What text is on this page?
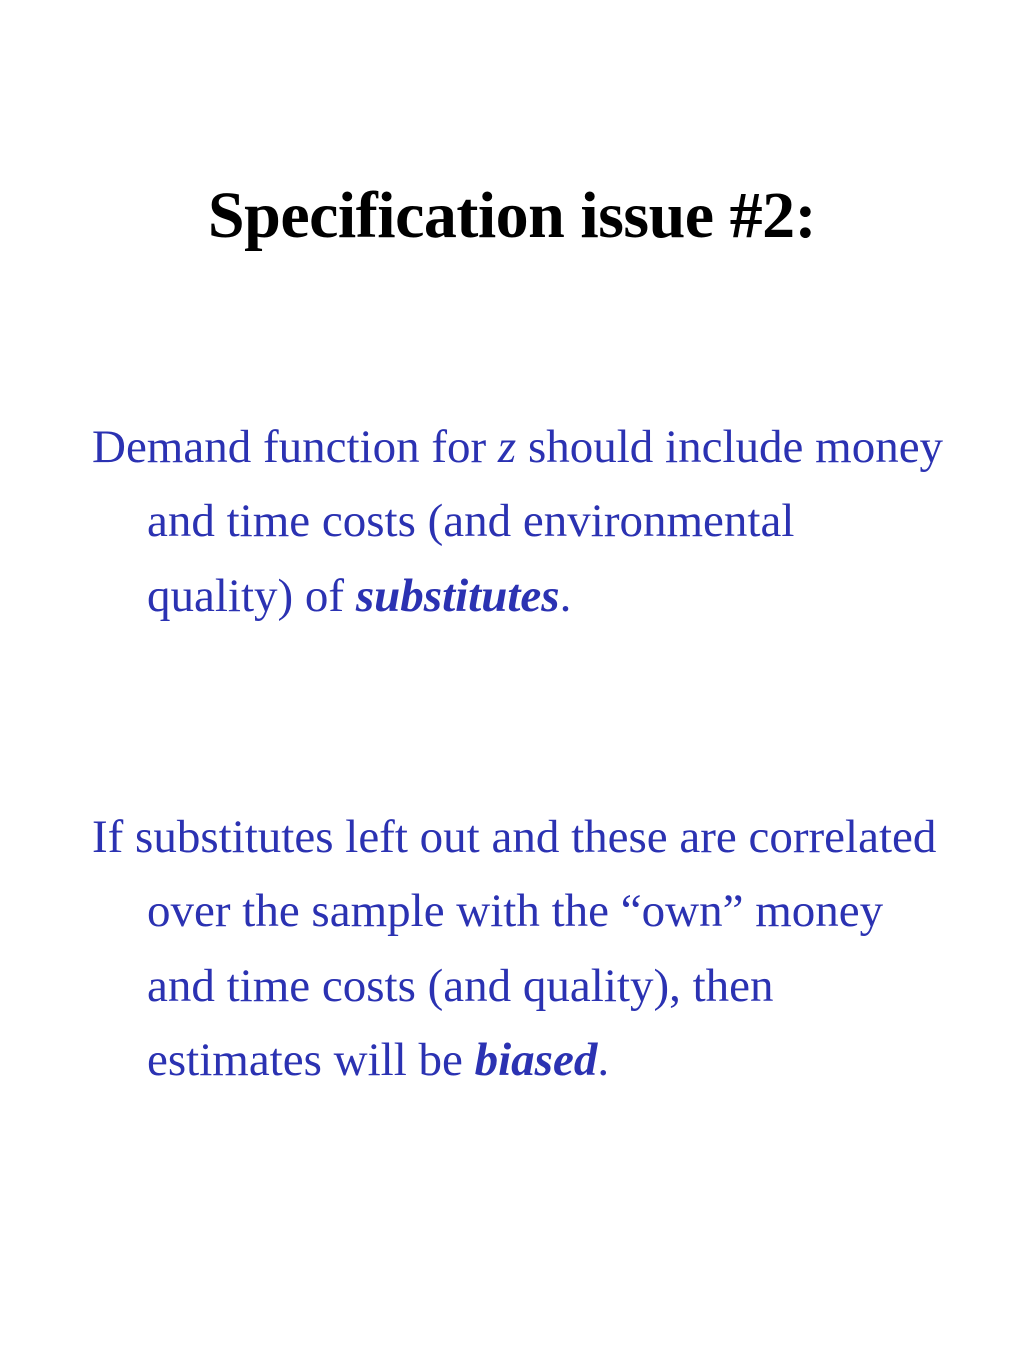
Specification issue #2:

Demand function for z should include money and time costs (and environmental quality) of substitutes.

If substitutes left out and these are correlated over the sample with the “own” money and time costs (and quality), then estimates will be biased.
